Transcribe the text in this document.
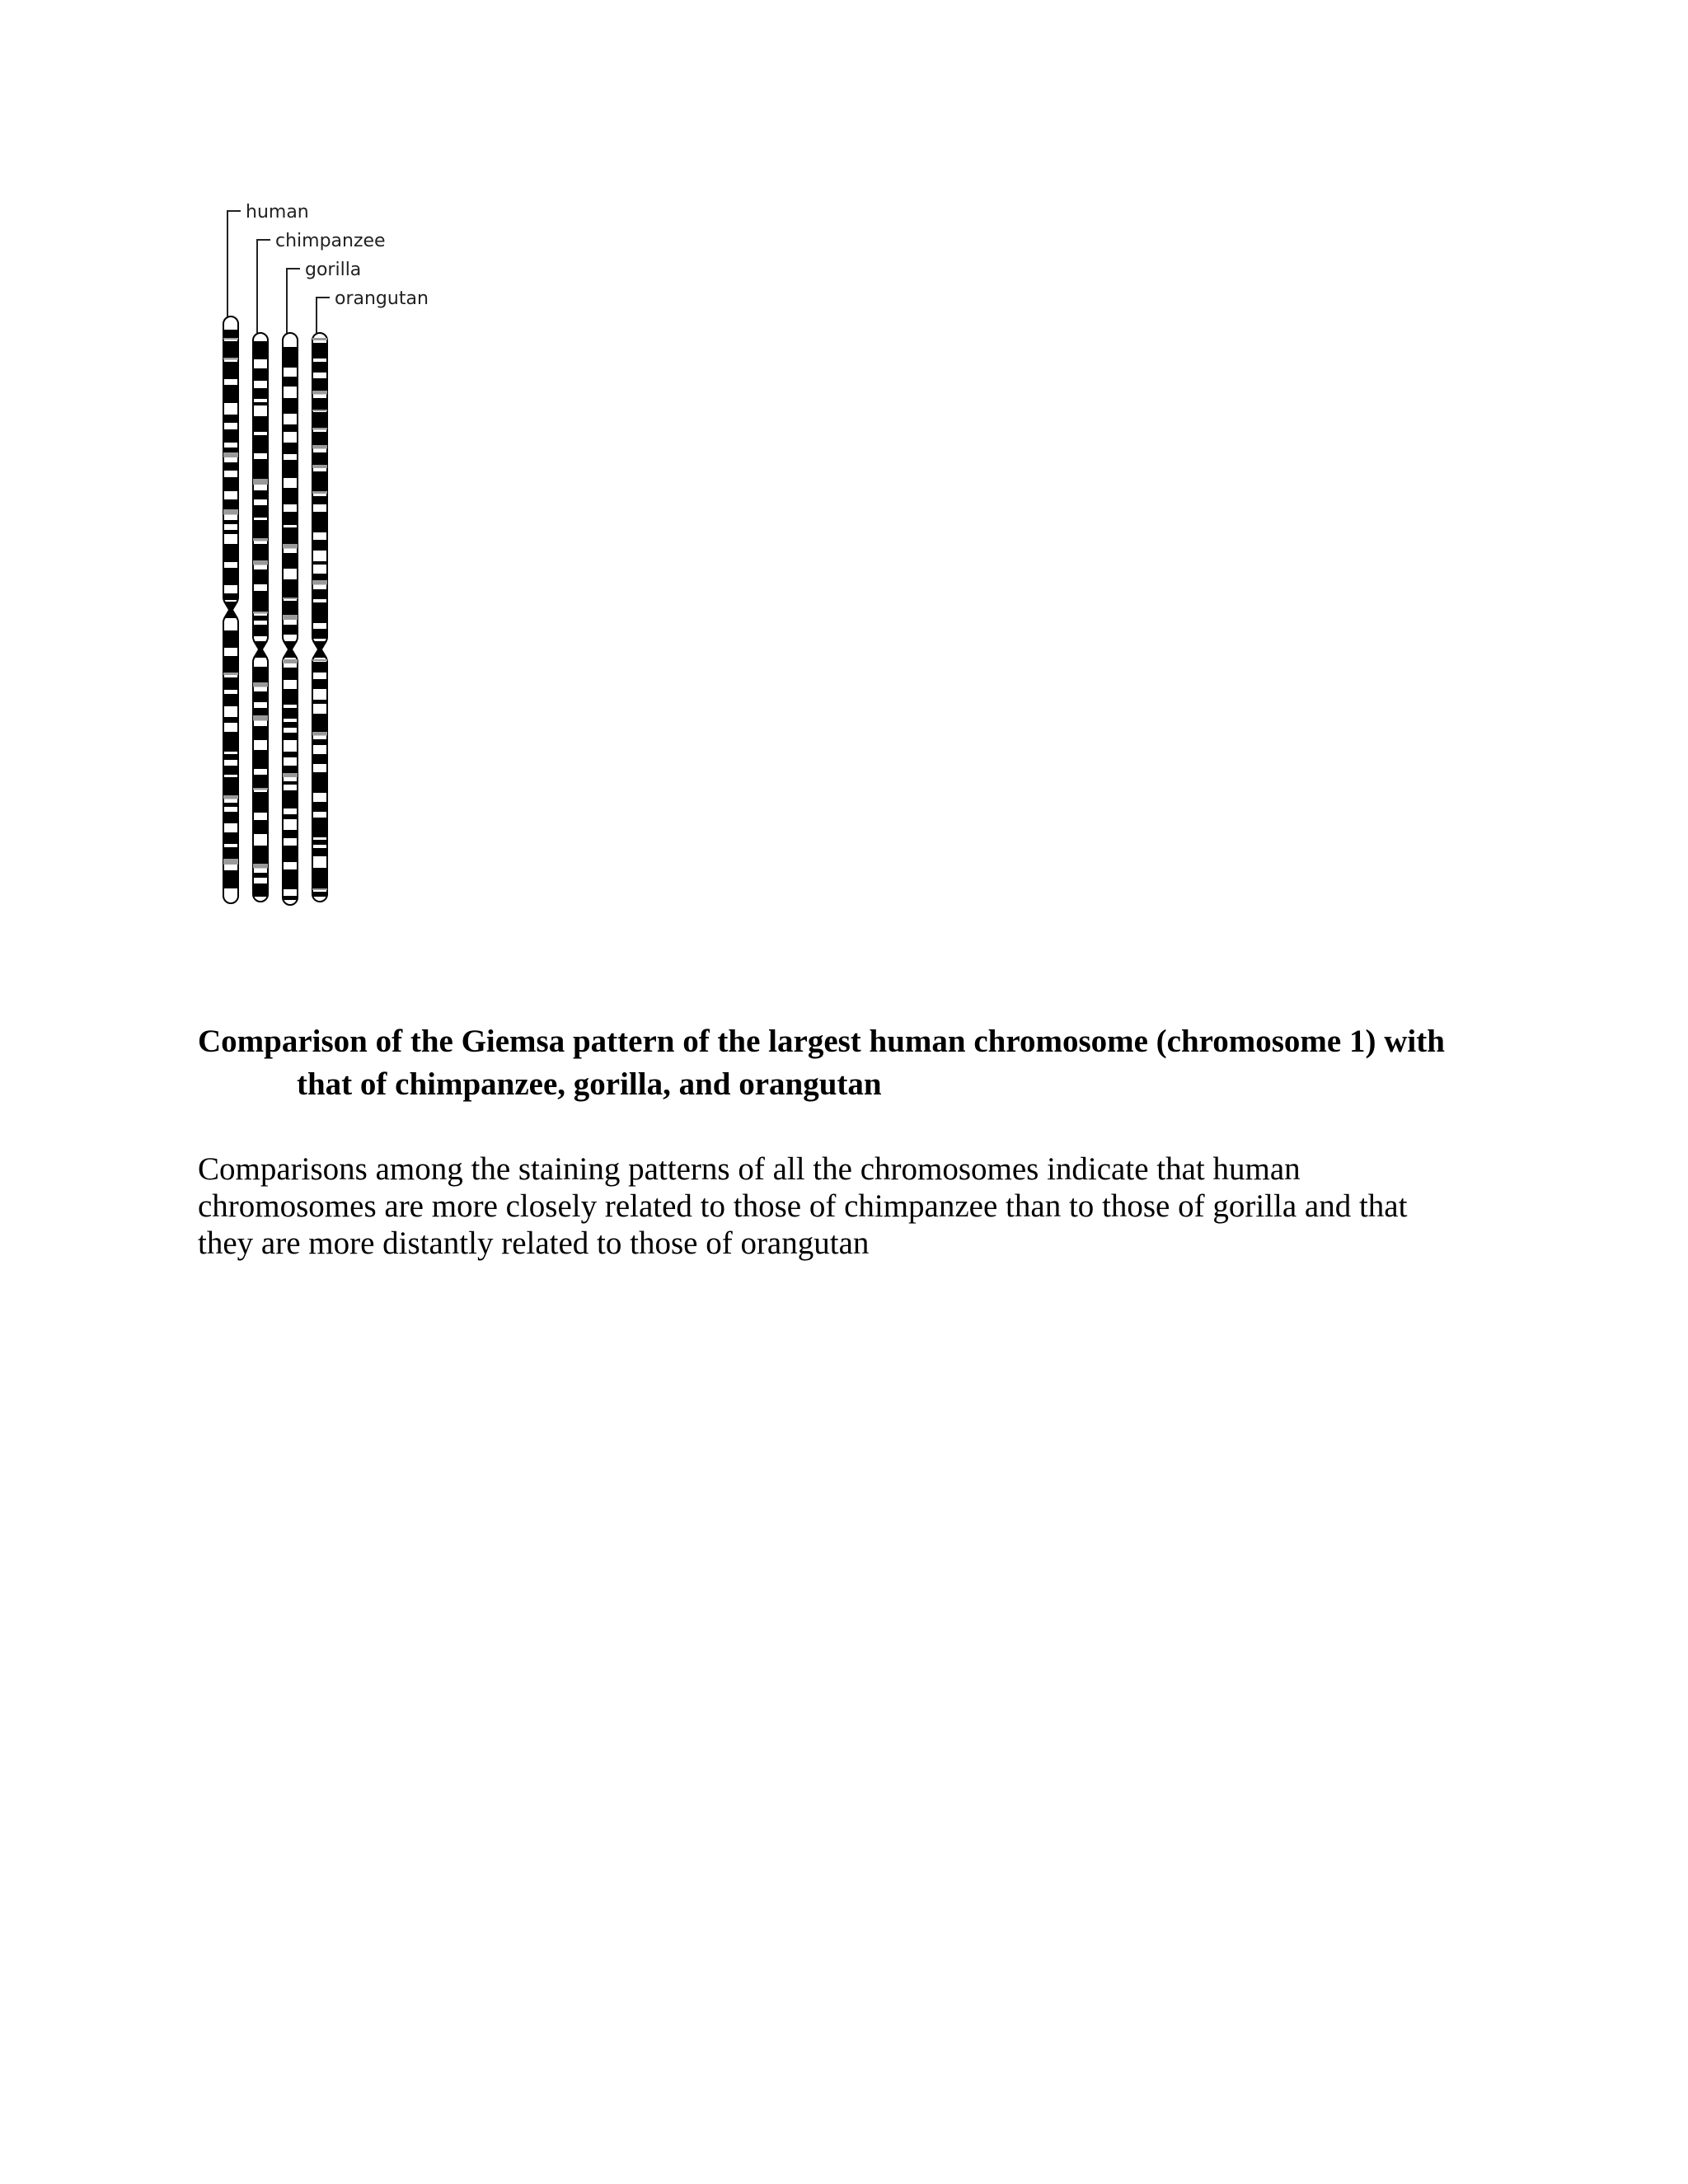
human
chimpanzee
gorilla
orangutan

Comparison of the Giemsa pattern of the largest human chromosome (chromosome 1) with
that of chimpanzee, gorilla, and orangutan

Comparisons among the staining patterns of all the chromosomes indicate that human
chromosomes are more closely related to those of chimpanzee than to those of gorilla and that
they are more distantly related to those of orangutan
